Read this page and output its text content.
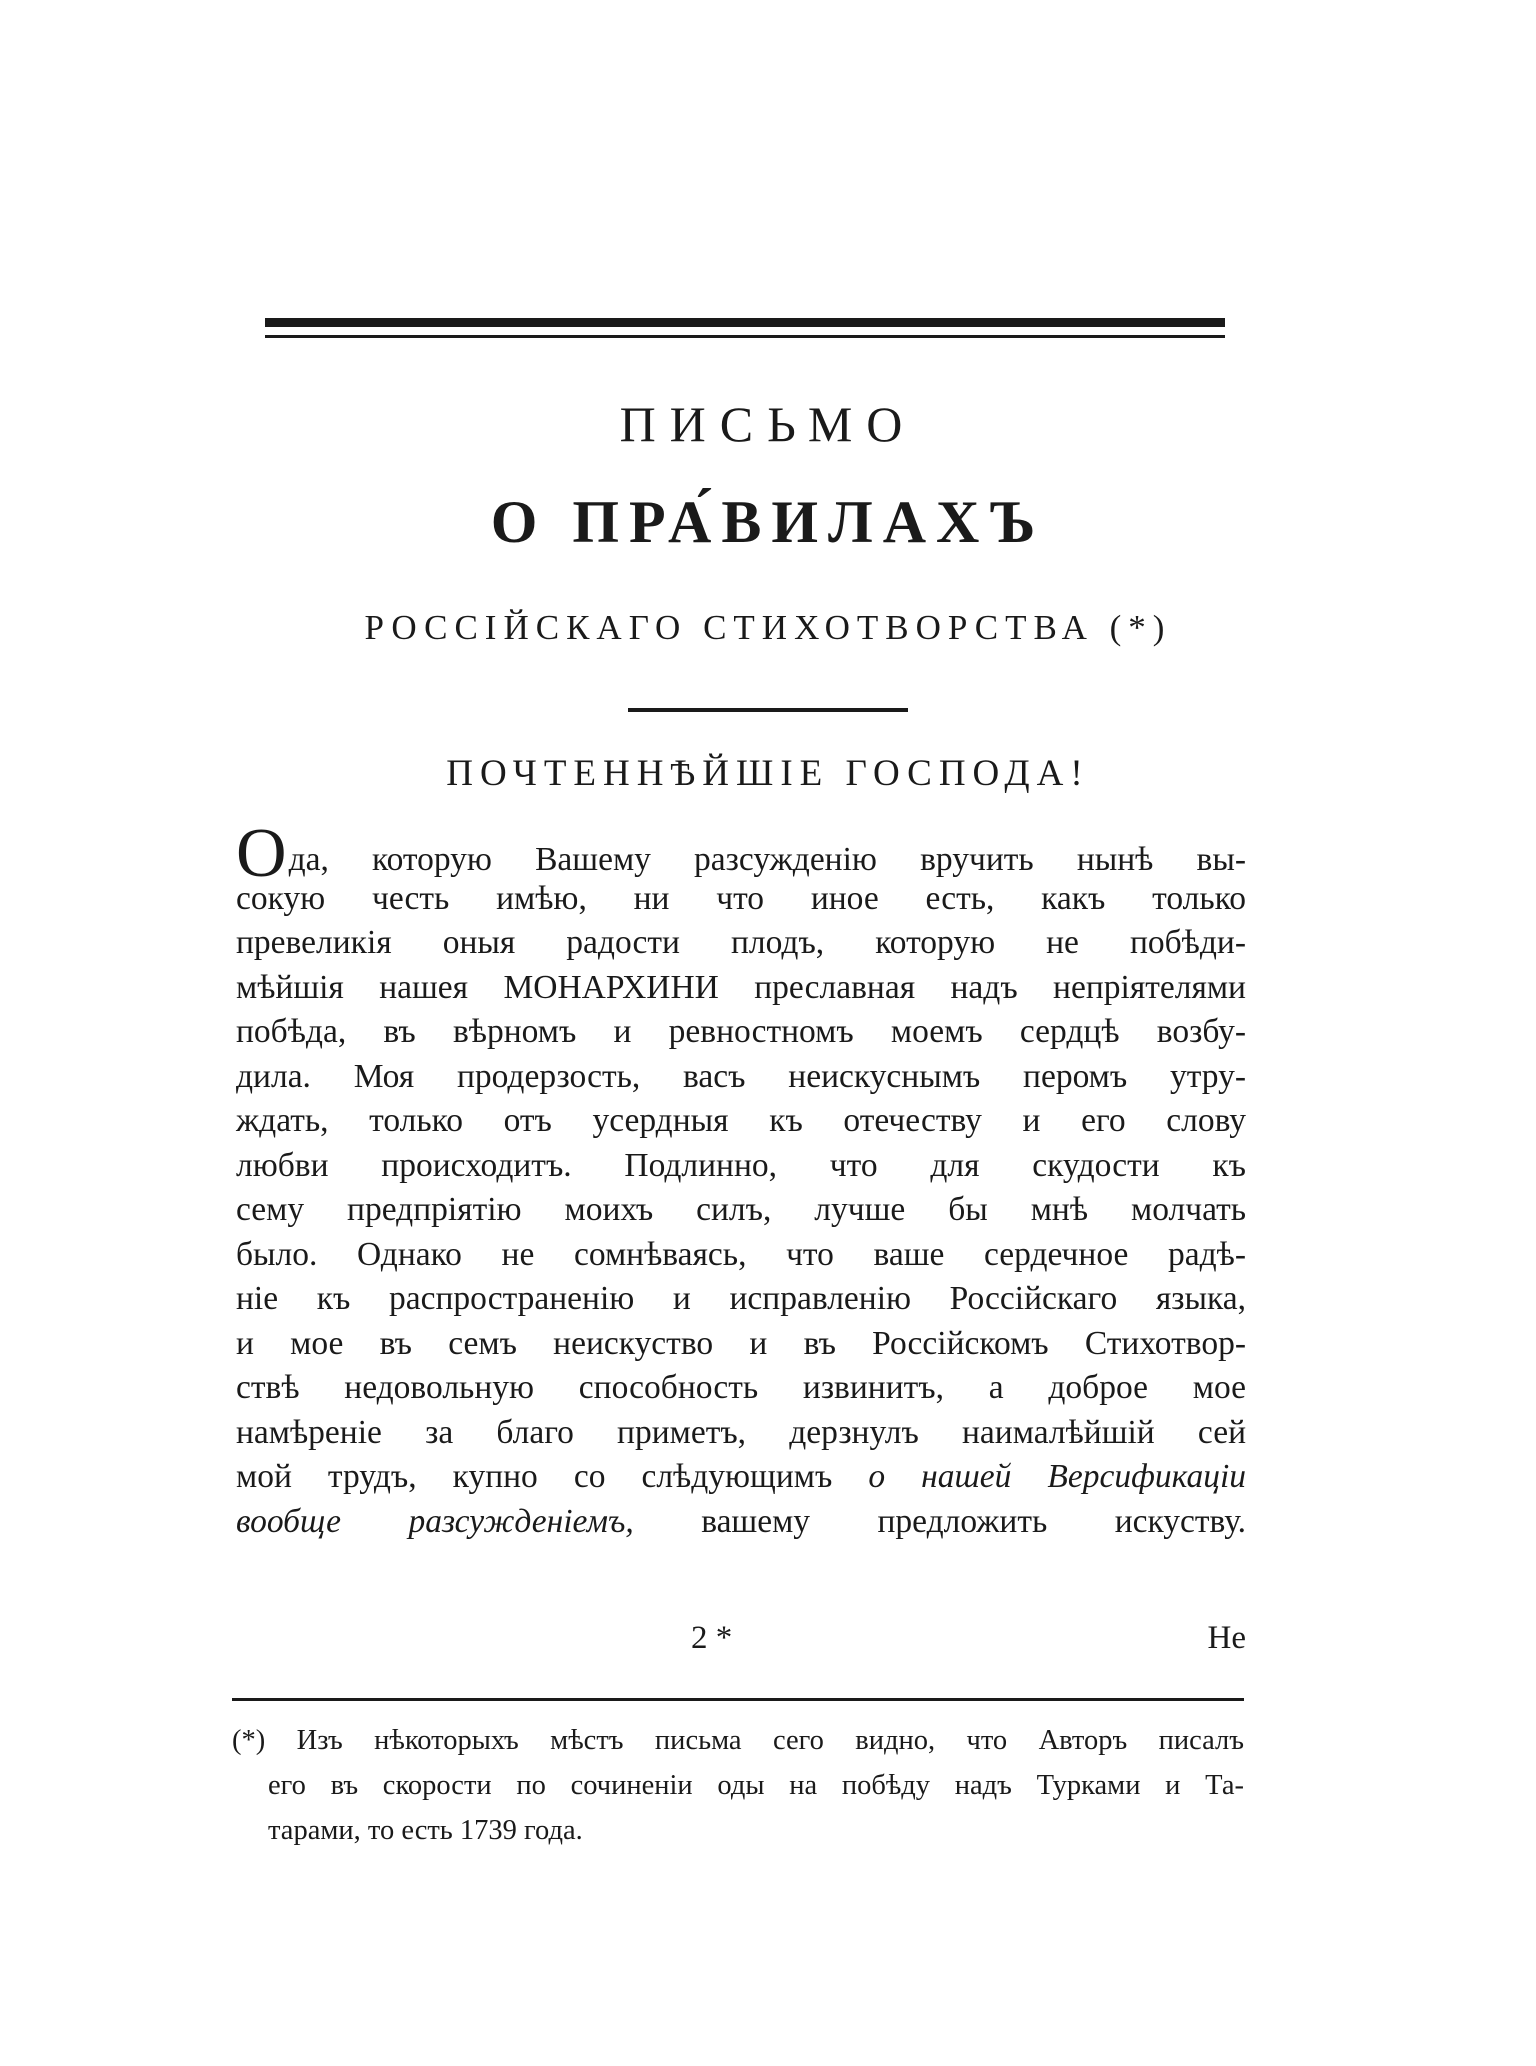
ПИСЬМО
О ПРА́ВИЛАХЪ
РОССІЙСКАГО СТИХОТВОРСТВА (*)
ПОЧТЕННѢЙШІЕ ГОСПОДА!
Ода, которую Вашему разсужденію вручить нынѣ вы-
сокую честь имѣю, ни что иное есть, какъ только
превеликія оныя радости плодъ, которую не побѣди-
мѣйшія нашея МОНАРХИНИ преславная надъ непріятелями
побѣда, въ вѣрномъ и ревностномъ моемъ сердцѣ возбу-
дила. Моя продерзость, васъ неискуснымъ перомъ утру-
ждать, только отъ усердныя къ отечеству и его слову
любви происходитъ. Подлинно, что для скудости къ
сему предпріятію моихъ силъ, лучше бы мнѣ молчать
было. Однако не сомнѣваясь, что ваше сердечное радѣ-
ніе къ распространенію и исправленію Россійскаго языка,
и мое въ семъ неискуство и въ Россійскомъ Стихотвор-
ствѣ недовольную способность извинитъ, а доброе мое
намѣреніе за благо приметъ, дерзнулъ наималѣйшій сей
мой трудъ, купно со слѣдующимъ о нашей Версификаціи
вообще разсужденіемъ, вашему предложить искуству.
2 *	Не
(*) Изъ нѣкоторыхъ мѣстъ письма сего видно, что Авторъ писалъ
его въ скорости по сочиненіи оды на побѣду надъ Турками и Та-
тарами, то есть 1739 года.
